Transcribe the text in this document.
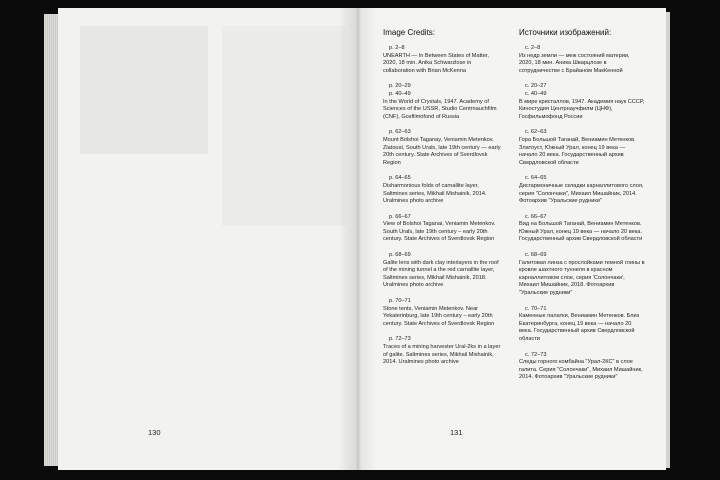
130	131
Image Credits:
p. 2–8
UNEARTH — In Between States of Matter, 2020, 18 min. Anika Schwarzlose in collaboration with Brian McKenna
p. 20–29
p. 40–49
In the World of Crystals, 1947. Academy of Sciences of the USSR, Studio Centrnauchfilm (CNF), Gosfilmofond of Russia
p. 62–63
Mount Bolshoi Taganay, Veniamin Metenkov. Zlatoust, South Urals, late 19th century — early 20th century. State Archives of Sverdlovsk Region
p. 64–65
Disharmonious folds of carnallite layer, Saltmines series, Mikhail Mishainik, 2014. Uralmines photo archive
p. 66–67
View of Bolshoi Taganai, Veniamin Metenkov. South Urals, late 19th century – early 20th century. State Archives of Sverdlovsk Region
p. 68–69
Galite lens with dark clay interlayers in the roof of the mining tunnel a the red carnallite layer, Saltmines series, Mikhail Mishainik, 2018. Uralmines photo archive
p. 70–71
Stone tents, Veniamin Metenkov. Near Yekaterinburg, late 19th century – early 20th century. State Archives of Sverdlovsk Region
p. 72–73
Traces of a mining harvester Ural-2ks in a layer of galite. Saltmines series, Mikhail Mishainik, 2014. Uralmines photo archive
Источники изображений:
с. 2–8
Из недр земли — меж состояний материи, 2020, 18 мин. Аника Шварцлозе в сотрудничестве с Брайаном МакКенной
с. 20–27
с. 40–49
В мире кристаллов, 1947. Академия наук СССР, Киностудия Центрнаучфилм (ЦНФ), Госфильмофонд России
с. 62–63
Гора Большой Таганай, Вениамин Метенков. Златоуст, Южный Урал, конец 19 века — начало 20 века. Государственный архив Свердловской области
с. 64–65
Дисгармоничные складки карналлитового слоя, серия "Солончаки", Михаил Мишайник, 2014. Фотоархив "Уральские рудники"
с. 66–67
Вид на Большой Таганай, Вениамин Метенков. Южный Урал, конец 19 века — начало 20 века. Государственный архив Свердловской области
с. 68–69
Галитовая линза с прослойками темной глины в кровле шахтного туннеля в красном карналлитовом слое, серия 'Солончаки', Михаил Мишайник, 2018. Фотоархив "Уральские рудники"
с. 70–71
Каменные палатки, Вениамин Метенков. Близ Екатеринбурга, конец 19 века — начало 20 века. Государственный архив Свердловской области
с. 72–73
Следы горного комбайна "Урал-2КС" в слое галита. Серия "Солончаки", Михаил Мишайник, 2014. Фотоархив "Уральские рудники"
